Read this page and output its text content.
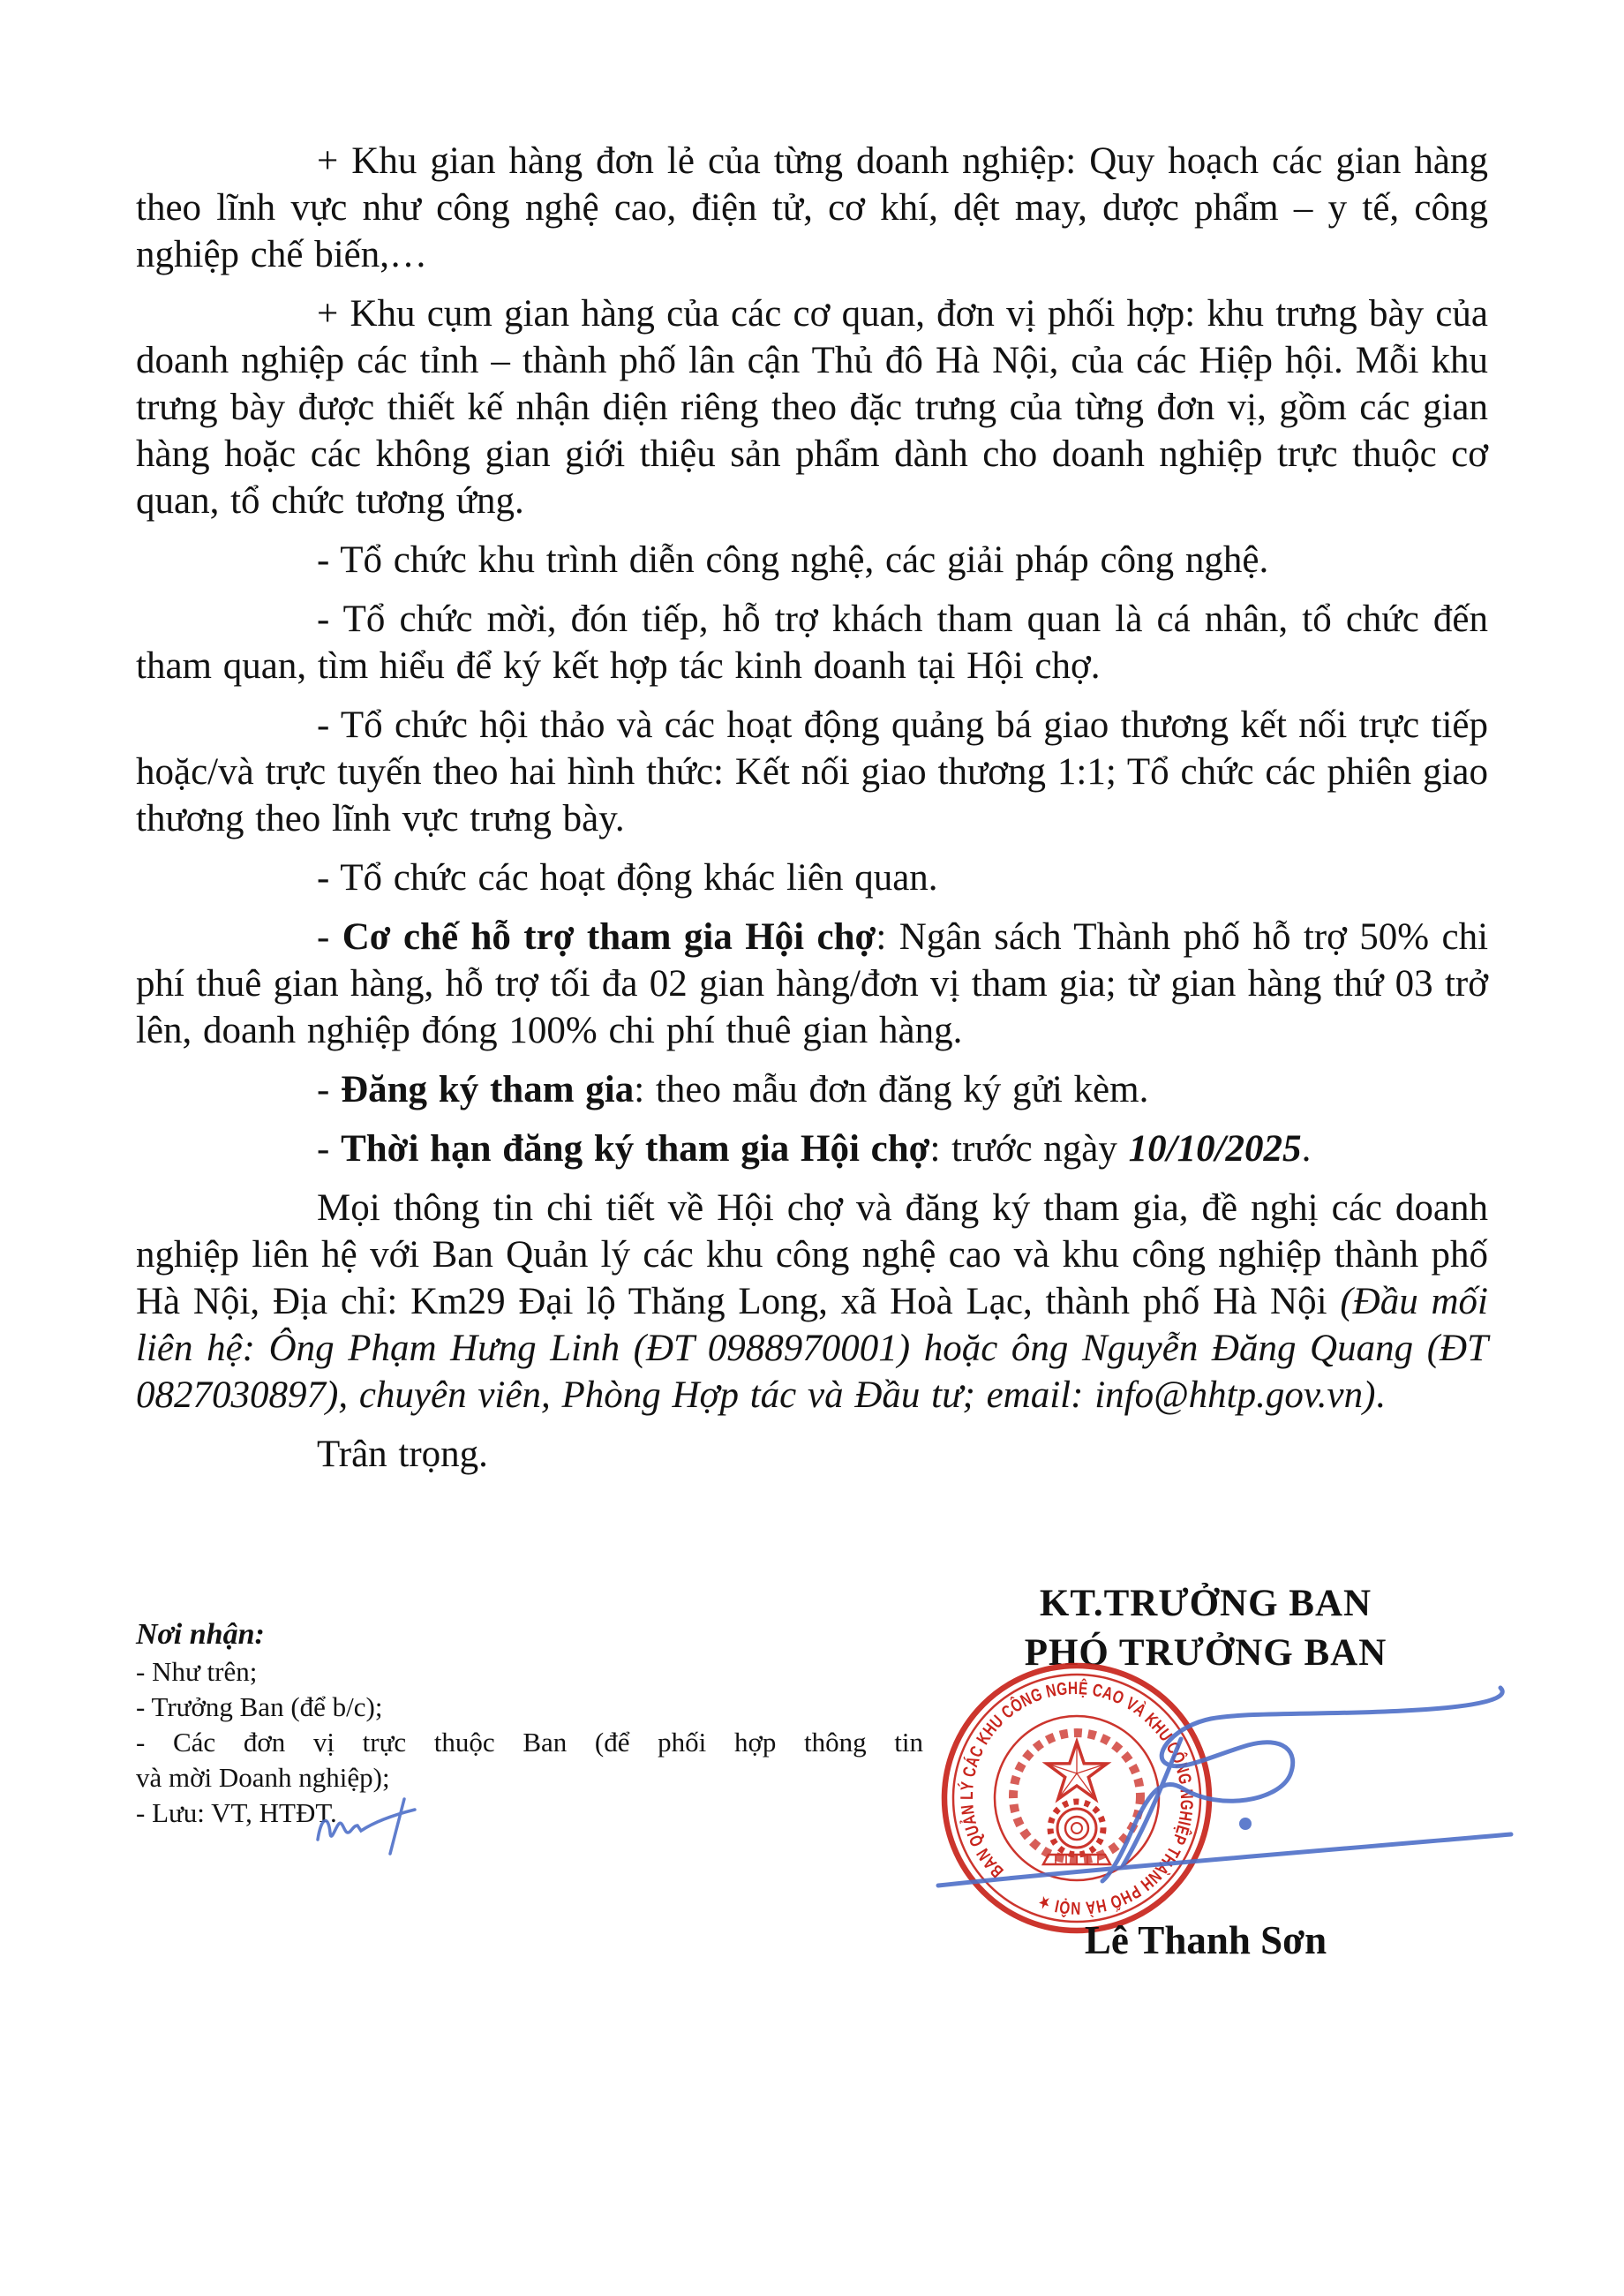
+ Khu gian hàng đơn lẻ của từng doanh nghiệp: Quy hoạch các gian hàng theo lĩnh vực như công nghệ cao, điện tử, cơ khí, dệt may, dược phẩm – y tế, công nghiệp chế biến,…

+ Khu cụm gian hàng của các cơ quan, đơn vị phối hợp: khu trưng bày của doanh nghiệp các tỉnh – thành phố lân cận Thủ đô Hà Nội, của các Hiệp hội. Mỗi khu trưng bày được thiết kế nhận diện riêng theo đặc trưng của từng đơn vị, gồm các gian hàng hoặc các không gian giới thiệu sản phẩm dành cho doanh nghiệp trực thuộc cơ quan, tổ chức tương ứng.

- Tổ chức khu trình diễn công nghệ, các giải pháp công nghệ.

- Tổ chức mời, đón tiếp, hỗ trợ khách tham quan là cá nhân, tổ chức đến tham quan, tìm hiểu để ký kết hợp tác kinh doanh tại Hội chợ.

- Tổ chức hội thảo và các hoạt động quảng bá giao thương kết nối trực tiếp hoặc/và trực tuyến theo hai hình thức: Kết nối giao thương 1:1; Tổ chức các phiên giao thương theo lĩnh vực trưng bày.

- Tổ chức các hoạt động khác liên quan.

- Cơ chế hỗ trợ tham gia Hội chợ: Ngân sách Thành phố hỗ trợ 50% chi phí thuê gian hàng, hỗ trợ tối đa 02 gian hàng/đơn vị tham gia; từ gian hàng thứ 03 trở lên, doanh nghiệp đóng 100% chi phí thuê gian hàng.

- Đăng ký tham gia: theo mẫu đơn đăng ký gửi kèm.

- Thời hạn đăng ký tham gia Hội chợ: trước ngày 10/10/2025.

Mọi thông tin chi tiết về Hội chợ và đăng ký tham gia, đề nghị các doanh nghiệp liên hệ với Ban Quản lý các khu công nghệ cao và khu công nghiệp thành phố Hà Nội, Địa chỉ: Km29 Đại lộ Thăng Long, xã Hoà Lạc, thành phố Hà Nội (Đầu mối liên hệ: Ông Phạm Hưng Linh (ĐT 0988970001) hoặc ông Nguyễn Đăng Quang (ĐT 0827030897), chuyên viên, Phòng Hợp tác và Đầu tư; email: info@hhtp.gov.vn).

Trân trọng.

Nơi nhận:
- Như trên;
- Trưởng Ban (để b/c);
- Các đơn vị trực thuộc Ban (để phối hợp thông tin
và mời Doanh nghiệp);
- Lưu: VT, HTĐT.
KT.TRƯỞNG BAN
PHÓ TRƯỞNG BAN
BAN QUẢN LÝ CÁC KHU CÔNG NGHỆ CAO VÀ KHU CÔNG NGHIỆP THÀNH PHỐ HÀ NỘI ★
Lê Thanh Sơn
